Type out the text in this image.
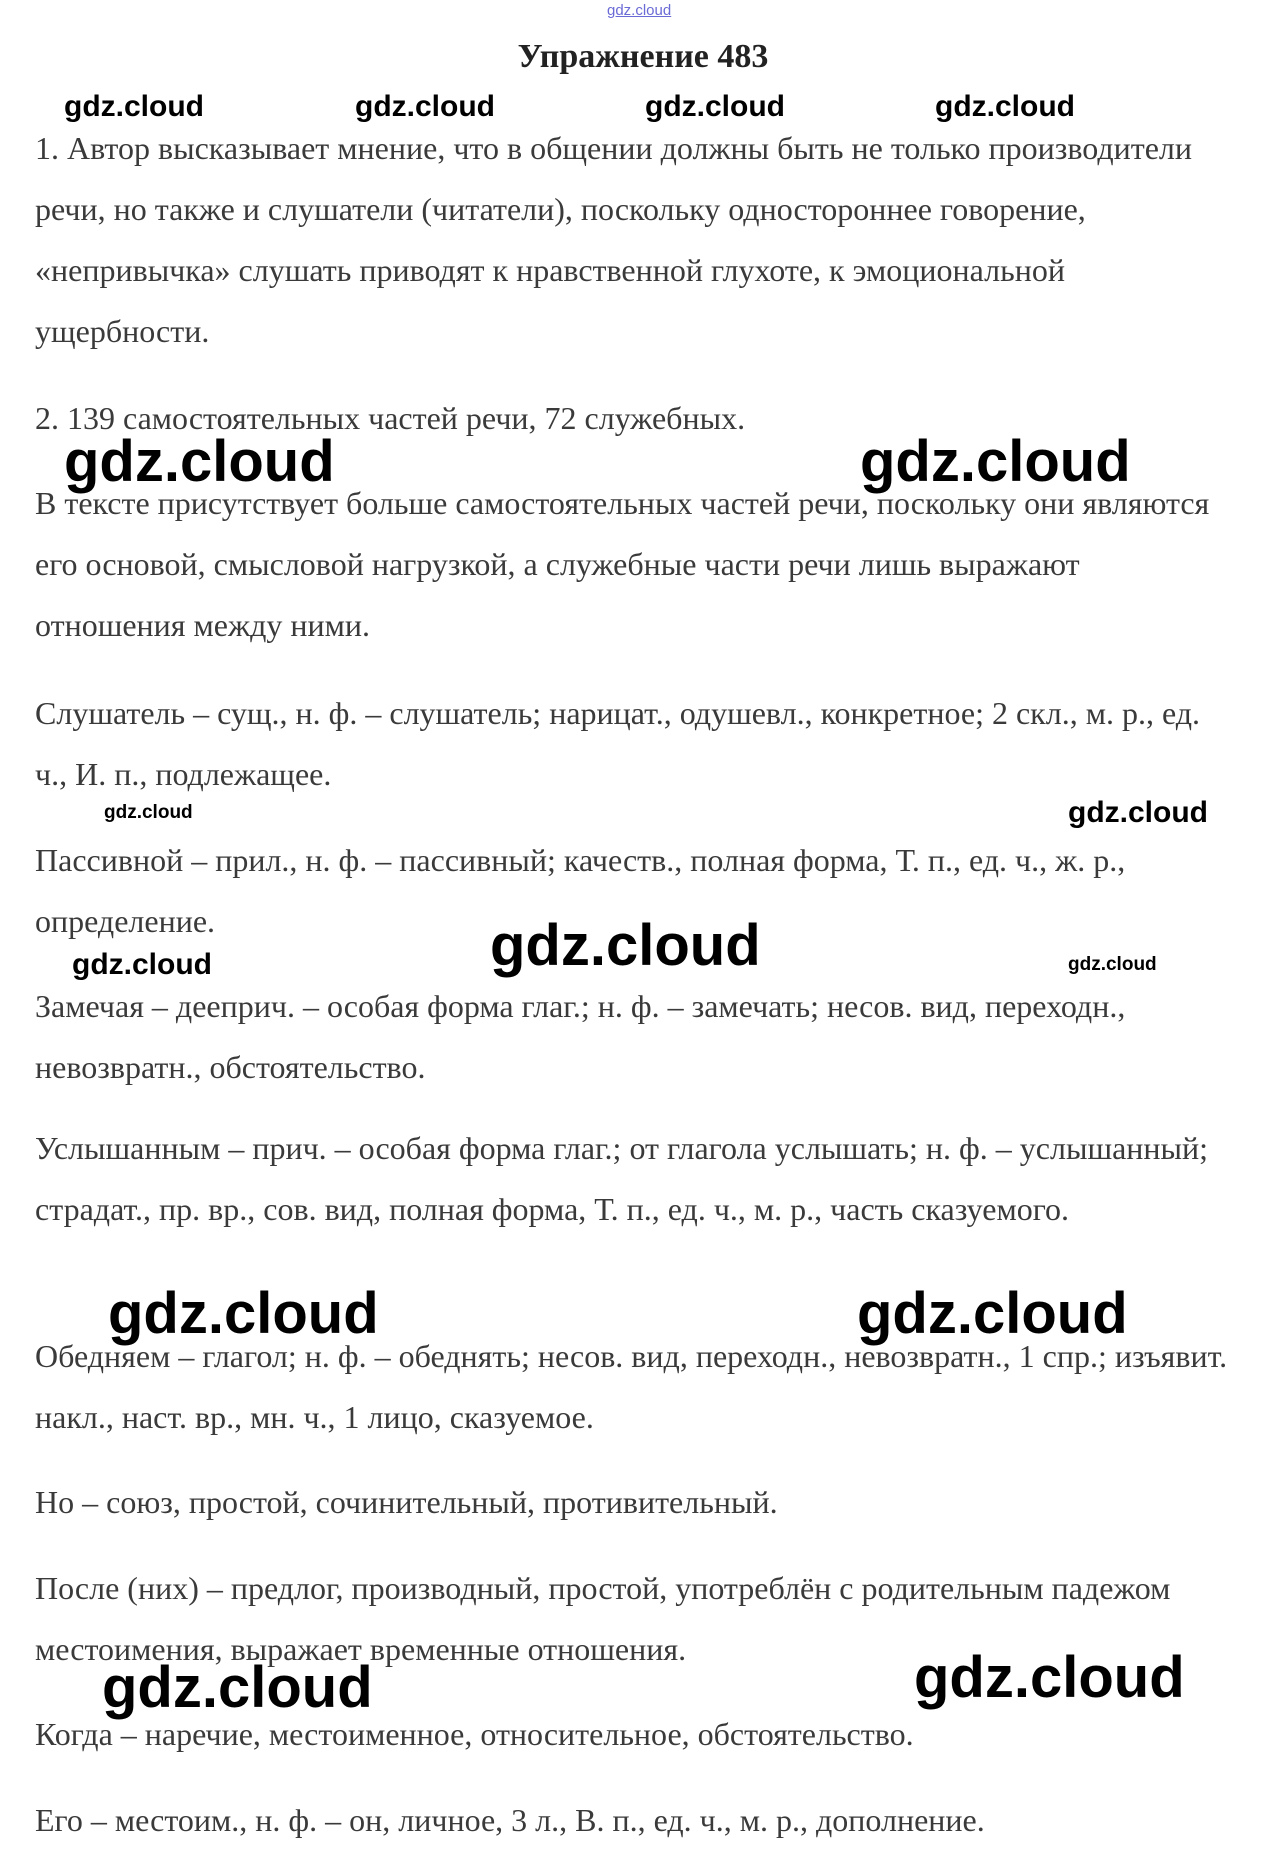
gdz.cloud
Упражнение 483
gdz.cloud	gdz.cloud	gdz.cloud	gdz.cloud

1. Автор высказывает мнение, что в общении должны быть не только производители речи, но также и слушатели (читатели), поскольку одностороннее говорение, «непривычка» слушать приводят к нравственной глухоте, к эмоциональной ущербности.

2. 139 самостоятельных частей речи, 72 служебных.

В тексте присутствует больше самостоятельных частей речи, поскольку они являются его основой, смысловой нагрузкой, а служебные части речи лишь выражают отношения между ними.

Слушатель – сущ., н. ф. – слушатель; нарицат., одушевл., конкретное; 2 скл., м. р., ед. ч., И. п., подлежащее.

Пассивной – прил., н. ф. – пассивный; качеств., полная форма, Т. п., ед. ч., ж. р., определение.

Замечая – дееприч. – особая форма глаг.; н. ф. – замечать; несов. вид, переходн., невозвратн., обстоятельство.

Услышанным – прич. – особая форма глаг.; от глагола услышать; н. ф. – услышанный; страдат., пр. вр., сов. вид, полная форма, Т. п., ед. ч., м. р., часть сказуемого.

Обедняем – глагол; н. ф. – обеднять; несов. вид, переходн., невозвратн., 1 спр.; изъявит. накл., наст. вр., мн. ч., 1 лицо, сказуемое.

Но – союз, простой, сочинительный, противительный.

После (них) – предлог, производный, простой, употреблён с родительным падежом местоимения, выражает временные отношения.

Когда – наречие, местоименное, относительное, обстоятельство.

Его – местоим., н. ф. – он, личное, 3 л., В. п., ед. ч., м. р., дополнение.

gdz.cloud	gdz.cloud
gdz.cloud	gdz.cloud
gdz.cloud	gdz.cloud	gdz.cloud
gdz.cloud	gdz.cloud
gdz.cloud	gdz.cloud
